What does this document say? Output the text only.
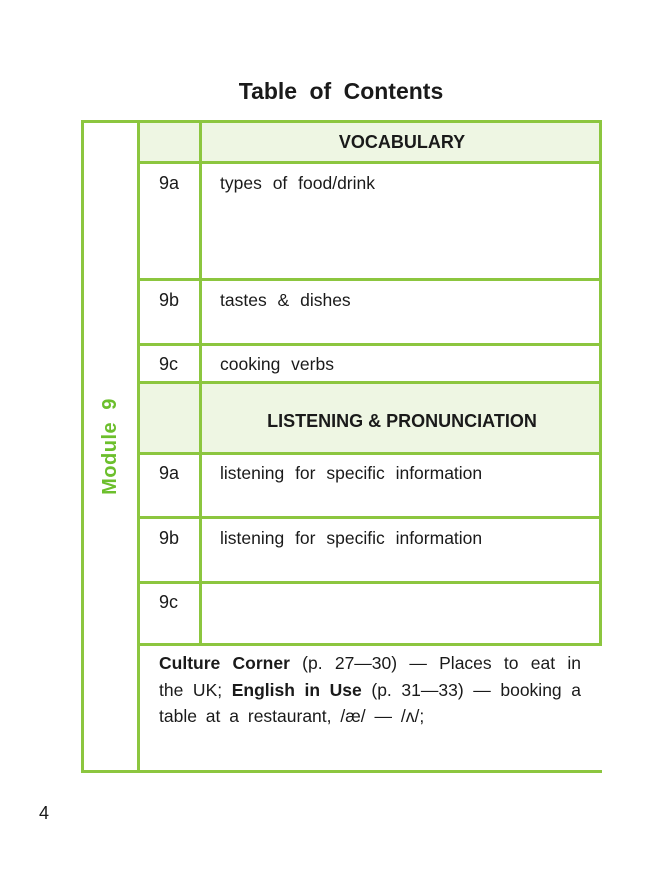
Table of Contents
Module 9
VOCABULARY
9a types of food/drink
9b tastes & dishes
9c cooking verbs
LISTENING & PRONUNCIATION
9a listening for specific information
9b listening for specific information
9c
Culture Corner (p. 27—30) — Places to eat in the UK; English in Use (p. 31—33) — booking a table at a restaurant, /æ/ — /ʌ/;
4
